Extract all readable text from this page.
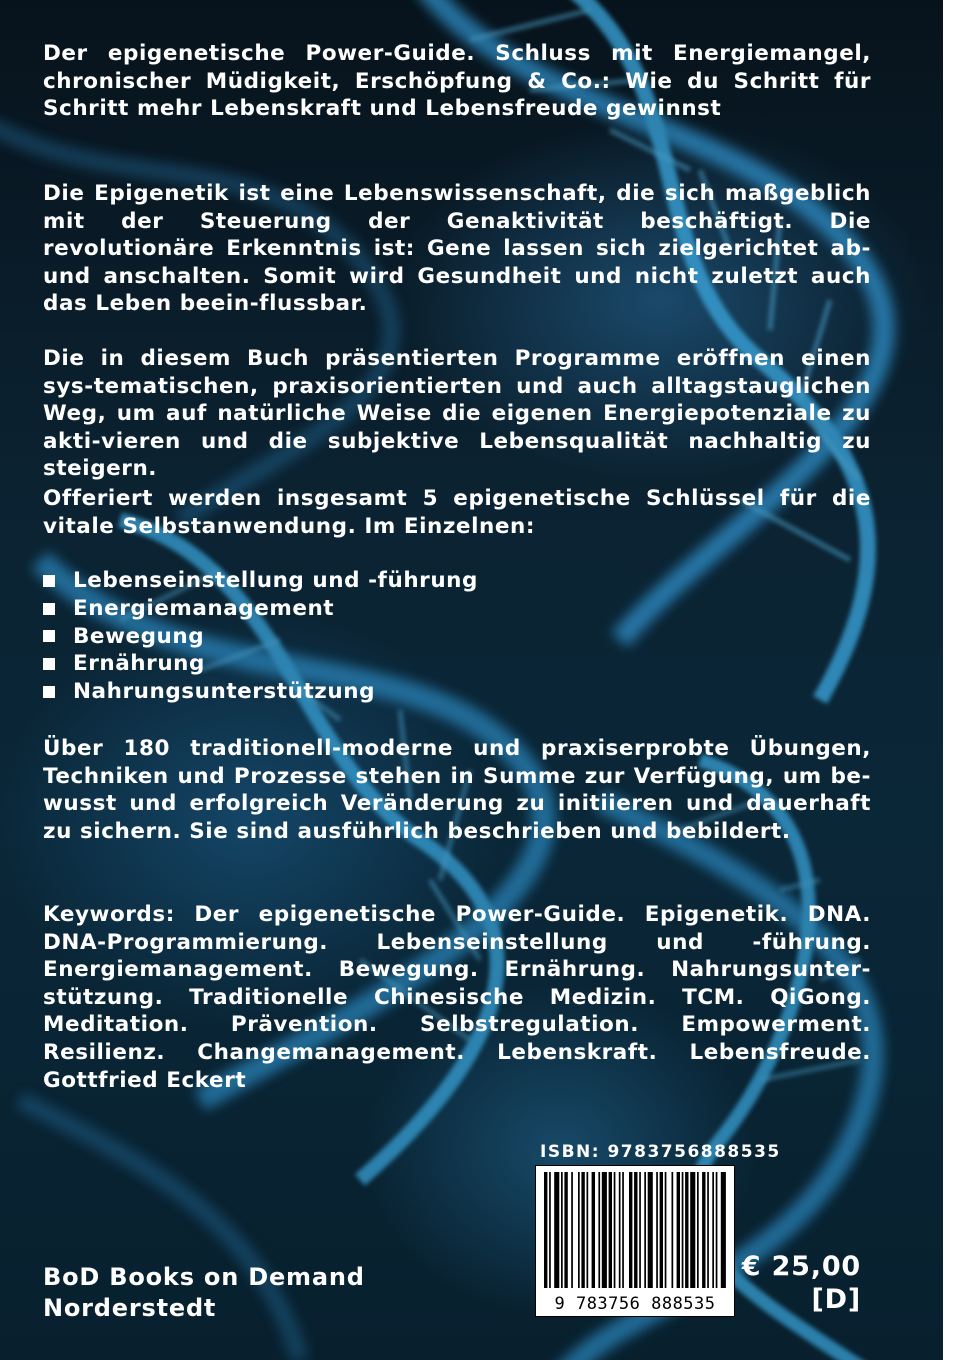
Der epigenetische Power-Guide. Schluss mit Energiemangel, chronischer Müdigkeit, Erschöpfung & Co.: Wie du Schritt für Schritt mehr Lebenskraft und Lebensfreude gewinnst

Die Epigenetik ist eine Lebenswissenschaft, die sich maßgeblich mit der Steuerung der Genaktivität beschäftigt. Die revolutionäre Erkenntnis ist: Gene lassen sich zielgerichtet ab- und anschalten. Somit wird Gesundheit und nicht zuletzt auch das Leben beein-flussbar.

Die in diesem Buch präsentierten Programme eröffnen einen sys-tematischen, praxisorientierten und auch alltagstauglichen Weg, um auf natürliche Weise die eigenen Energiepotenziale zu akti-vieren und die subjektive Lebensqualität nachhaltig zu steigern.

Offeriert werden insgesamt 5 epigenetische Schlüssel für die vitale Selbstanwendung. Im Einzelnen:

Lebenseinstellung und -führung
Energiemanagement
Bewegung
Ernährung
Nahrungsunterstützung

Über 180 traditionell-moderne und praxiserprobte Übungen, Techniken und Prozesse stehen in Summe zur Verfügung, um be-wusst und erfolgreich Veränderung zu initiieren und dauerhaft zu sichern. Sie sind ausführlich beschrieben und bebildert.

Keywords: Der epigenetische Power-Guide. Epigenetik. DNA. DNA-Programmierung. Lebenseinstellung und -führung. Energiemanagement. Bewegung. Ernährung. Nahrungsunter-stützung. Traditionelle Chinesische Medizin. TCM. QiGong. Meditation. Prävention. Selbstregulation. Empowerment. Resilienz. Changemanagement. Lebenskraft. Lebensfreude. Gottfried Eckert

ISBN: 9783756888535
9 783756 888535
BoD Books on Demand
Norderstedt
€ 25,00
[D]
